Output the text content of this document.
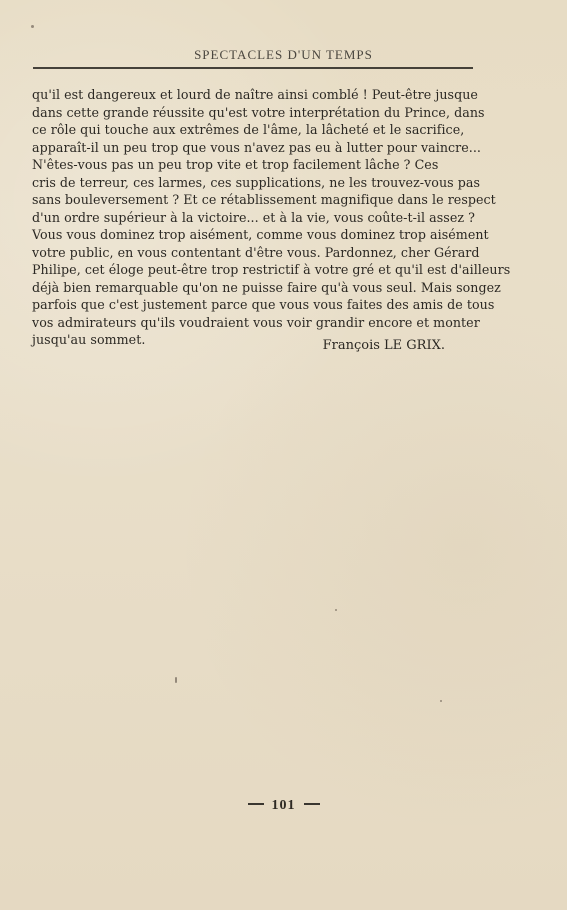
SPECTACLES D'UN TEMPS
qu'il est dangereux et lourd de naître ainsi comblé ! Peut-être jusque
dans cette grande réussite qu'est votre interprétation du Prince, dans
ce rôle qui touche aux extrêmes de l'âme, la lâcheté et le sacrifice,
apparaît-il un peu trop que vous n'avez pas eu à lutter pour vaincre...
N'êtes-vous pas un peu trop vite et trop facilement lâche ? Ces
cris de terreur, ces larmes, ces supplications, ne les trouvez-vous pas
sans bouleversement ? Et ce rétablissement magnifique dans le respect
d'un ordre supérieur à la victoire... et à la vie, vous coûte-t-il assez ?
Vous vous dominez trop aisément, comme vous dominez trop aisément
votre public, en vous contentant d'être vous. Pardonnez, cher Gérard
Philipe, cet éloge peut-être trop restrictif à votre gré et qu'il est d'ailleurs
déjà bien remarquable qu'on ne puisse faire qu'à vous seul. Mais songez
parfois que c'est justement parce que vous vous faites des amis de tous
vos admirateurs qu'ils voudraient vous voir grandir encore et monter
jusqu'au sommet.	François LE GRIX.
101
